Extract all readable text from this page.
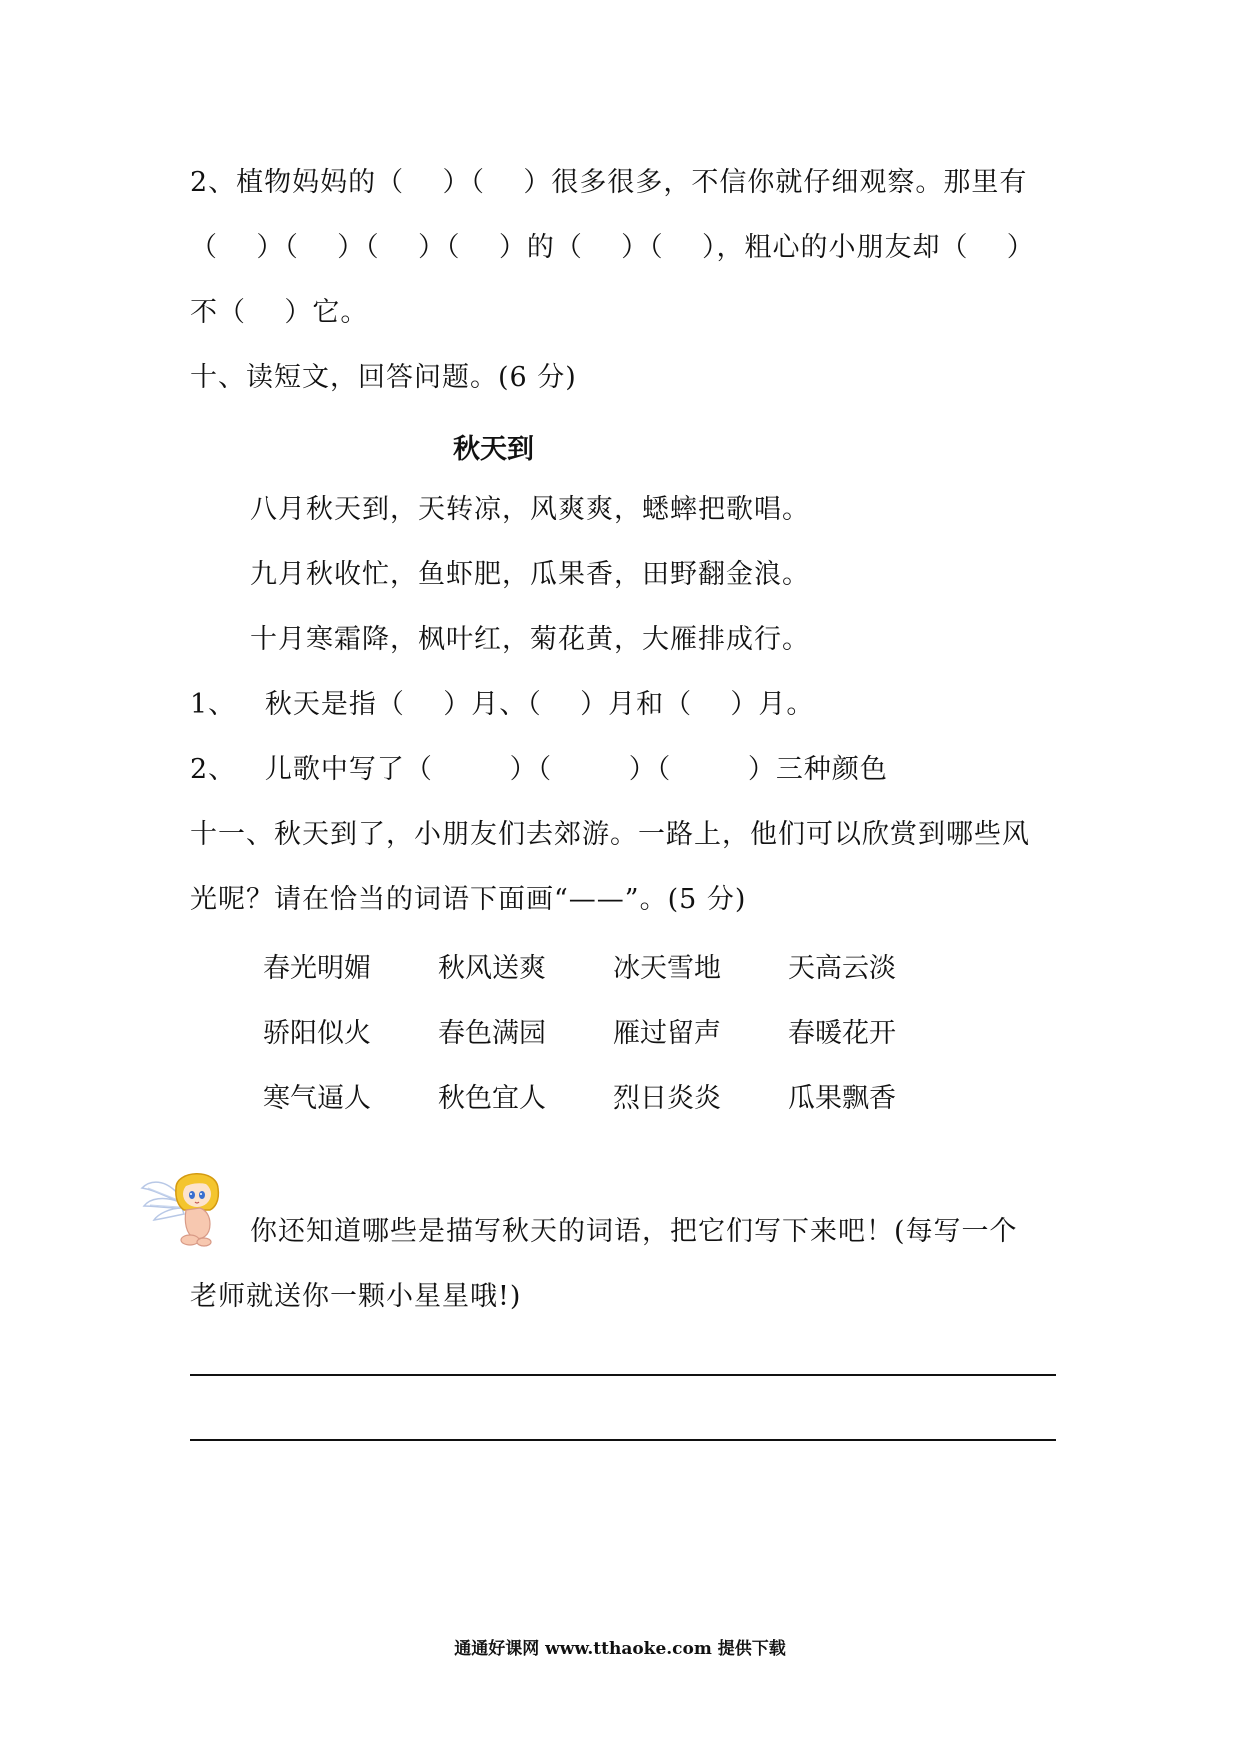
2、植物妈妈的（    ）（    ）很多很多，不信你就仔细观察。那里有
（    ）（    ）（    ）（    ）的（    ）（    ），粗心的小朋友却（    ）
不（    ）它。
十、读短文，回答问题。(6 分)
秋天到
八月秋天到，天转凉，风爽爽，蟋蟀把歌唱。
九月秋收忙，鱼虾肥，瓜果香，田野翻金浪。
十月寒霜降，枫叶红，菊花黄，大雁排成行。
1、   秋天是指（    ）月、（    ）月和（    ）月。
2、   儿歌中写了（        ）（        ）（        ）三种颜色
十一、秋天到了，小朋友们去郊游。一路上，他们可以欣赏到哪些风
光呢？请在恰当的词语下面画“——”。(5 分)
春光明媚 秋风送爽 冰天雪地 天高云淡
骄阳似火 春色满园 雁过留声 春暖花开
寒气逼人 秋色宜人 烈日炎炎 瓜果飘香
你还知道哪些是描写秋天的词语，把它们写下来吧！(每写一个
老师就送你一颗小星星哦!)
通通好课网 www.tthaoke.com 提供下载
